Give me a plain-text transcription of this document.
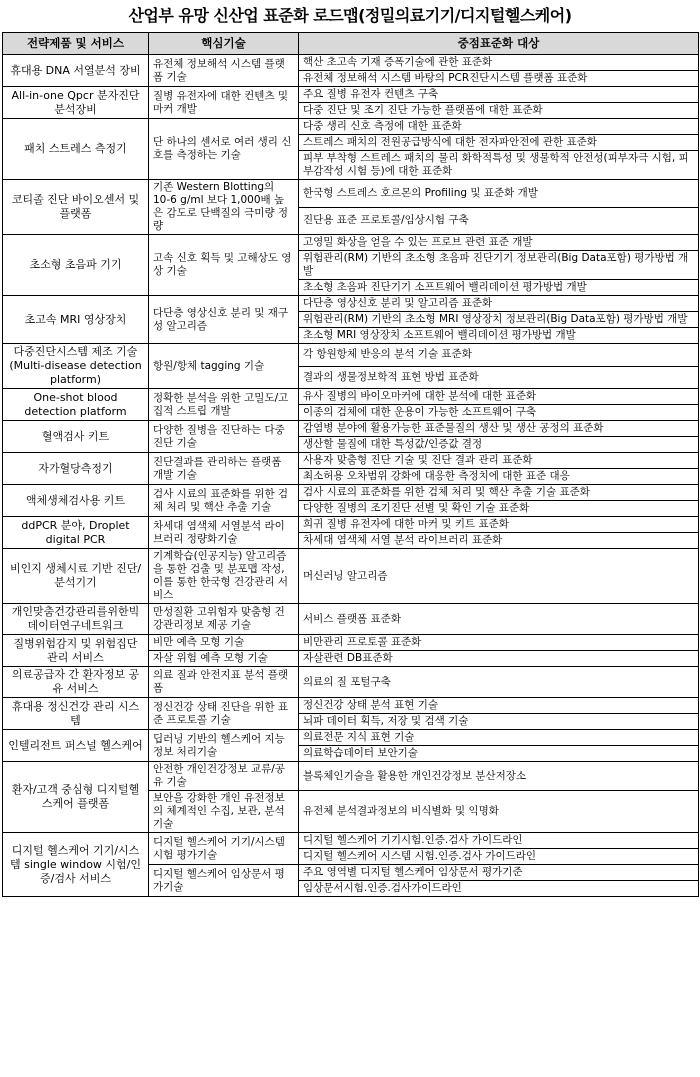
산업부 유망 신산업 표준화 로드맵(정밀의료기기/디지털헬스케어)
전략제품 및 서비스	핵심기술	중점표준화 대상
휴대용 DNA 서열분석 장비	유전체 정보해석 시스템 플랫폼 기술	핵산 초고속 기재 증폭기술에 관한 표준화
		유전체 정보해석 시스템 바탕의 PCR진단시스템 플랫폼 표준화
All-in-one Qpcr 분자진단 분석장비	질병 유전자에 대한 컨텐츠 및 마커 개발	주요 질병 유전자 컨텐츠 구축
		다중 진단 및 조기 진단 가능한 플랫폼에 대한 표준화
패치 스트레스 측정기	단 하나의 센서로 여러 생리 신호를 측정하는 기술	다중 생리 신호 측정에 대한 표준화
		스트레스 패치의 전원공급방식에 대한 전자파안전에 관한 표준화
		피부 부착형 스트레스 패치의 물리 화학적특성 및 생물학적 안전성(피부자극 시험, 피부감작성 시험 등)에 대한 표준화
코티졸 진단 바이오센서 및 플랫폼	기존 Western Blotting의 10-6 g/ml 보다 1,000배 높은 감도로 단백질의 극미량 정량	한국형 스트레스 호르몬의 Profiling 및 표준화 개발
		진단용 표준 프로토콜/임상시험 구축
초소형 초음파 기기	고속 신호 획득 및 고해상도 영상 기술	고영밀 화상을 얻을 수 있는 프로브 관련 표준 개발
		위험관리(RM) 기반의 초소형 초음파 진단기기 정보관리(Big Data포함) 평가방법 개발
		초소형 초음파 진단기기 소프트웨어 밸리데이션 평가방법 개발
초고속 MRI 영상장치	다단층 영상신호 분리 및 재구성 알고리즘	다단층 영상신호 분리 및 알고리즘 표준화
		위험관리(RM) 기반의 초소형 MRI 영상장치 정보관리(Big Data포함) 평가방법 개발
		초소형 MRI 영상장치 소프트웨어 밸리데이션 평가방법 개발
다중진단시스템 제조 기술(Multi-disease detection platform)	항원/항체 tagging 기술	각 항원항체 반응의 분석 기술 표준화
		결과의 생물정보학적 표현 방법 표준화
One-shot blood detection platform	정확한 분석을 위한 고밀도/고집적 스트립 개발	유사 질병의 바이오마커에 대한 분석에 대한 표준화
		이종의 검체에 대한 운용이 가능한 소프트웨어 구축
혈액검사 키트	다양한 질병을 진단하는 다중 진단 기술	감염병 분야에 활용가능한 표준물질의 생산 및 생산 공정의 표준화
		생산할 물질에 대한 특성값/인증값 결정
자가혈당측정기	진단결과를 관리하는 플랫폼 개발 기술	사용자 맞춤형 진단 기술 및 진단 결과 관리 표준화
		최소허용 오차범위 강화에 대응한 측정치에 대한 표준 대응
액체생체검사용 키트	검사 시료의 표준화를 위한 검체 처리 및 핵산 추출 기술	검사 시료의 표준화를 위한 검체 처리 및 핵산 추출 기술 표준화
		다양한 질병의 조기진단 선별 및 확인 기술 표준화
ddPCR 분야, Droplet digital PCR	차세대 염색체 서열분석 라이브러리 정량화기술	희귀 질병 유전자에 대한 마커 및 키트 표준화
		차세대 염색체 서열 분석 라이브러리 표준화
비인지 생체시료 기반 진단/분석기기	기계학습(인공지능) 알고리즘을 통한 검출 및 분포맵 작성, 이를 통한 한국형 건강관리 서비스	머신러닝 알고리즘
개인맞춤건강관리를위한빅데이터연구네트워크	만성질환 고위험자 맞춤형 건강관리정보 제공 기술	서비스 플랫폼 표준화
질병위험감지 및 위험집단 관리 서비스	비만 예측 모형 기술	비만관리 프로토콜 표준화
	자살 위험 예측 모형 기술	자살관련 DB표준화
의료공급자 간 환자정보 공유 서비스	의료 질과 안전지표 분석 플랫폼	의료의 질 포털구축
휴대용 정신건강 관리 시스템	정신건강 상태 진단을 위한 표준 프로토콜 기술	정신건강 상태 분석 표현 기술
		뇌파 데이터 획득, 저장 및 검색 기술
인텔리전트 퍼스널 헬스케어	딥러닝 기반의 헬스케어 지능정보 처리기술	의료전문 지식 표현 기술
		의료학습데이터 보안기술
환자/고객 중심형 디지털헬스케어 플랫폼	안전한 개인건강정보 교류/공유 기술	블록체인기술을 활용한 개인건강정보 분산저장소
	보안을 강화한 개인 유전정보의 체계적인 수집, 보관, 분석 기술	유전체 분석결과정보의 비식별화 및 익명화
디지털 헬스케어 기기/시스템 single window 시험/인증/검사 서비스	디지털 헬스케어 기기/시스템 시험 평가기술	디지털 헬스케어 기기시험.인증.검사 가이드라인
		디지털 헬스케어 시스템 시험.인증.검사 가이드라인
	디지털 헬스케어 임상문서 평가기술	주요 영역별 디지털 헬스케어 임상문서 평가기준
		임상문서시험.인증.검사가이드라인
